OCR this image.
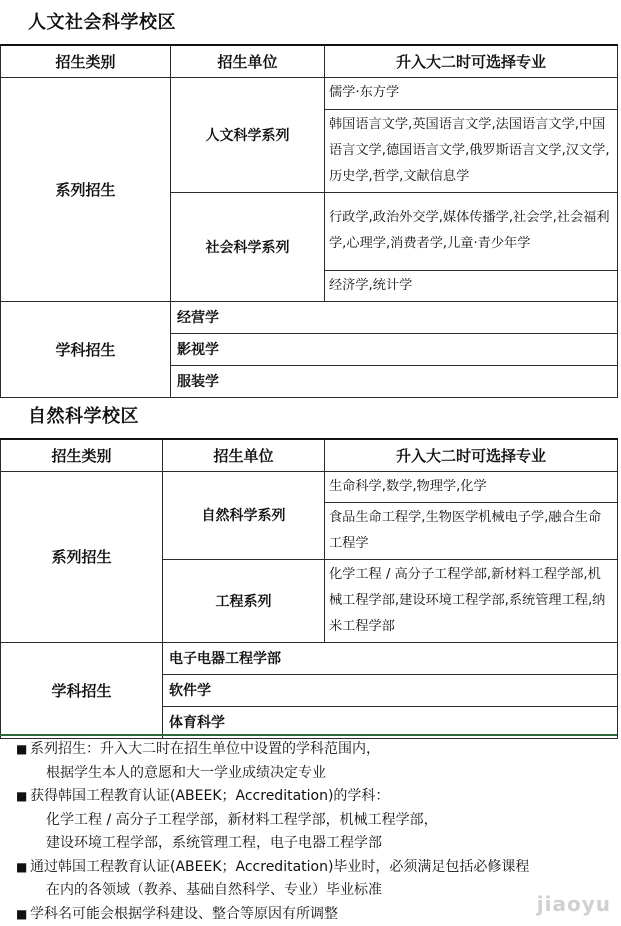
人文社会科学校区
招生类别	招生单位	升入大二时可选择专业
系列招生	人文科学系列	儒学·东方学
		韩国语言文学,英国语言文学,法国语言文学,中国语言文学,德国语言文学,俄罗斯语言文学,汉文学,历史学,哲学,文献信息学
	社会科学系列	行政学,政治外交学,媒体传播学,社会学,社会福利学,心理学,消费者学,儿童·青少年学
		经济学,统计学
学科招生	经营学	
	影视学	
	服装学	
自然科学校区
招生类别	招生单位	升入大二时可选择专业
系列招生	自然科学系列	生命科学,数学,物理学,化学
		食品生命工程学,生物医学机械电子学,融合生命工程学
	工程系列	化学工程 / 高分子工程学部,新材料工程学部,机械工程学部,建设环境工程学部,系统管理工程,纳米工程学部
学科招生	电子电器工程学部	
	软件学	
	体育科学	
■ 系列招生：升入大二时在招生单位中设置的学科范围内，
根据学生本人的意愿和大一学业成绩决定专业
■ 获得韩国工程教育认证(ABEEK；Accreditation)的学科：
化学工程 / 高分子工程学部，新材料工程学部，机械工程学部，
建设环境工程学部，系统管理工程，电子电器工程学部
■ 通过韩国工程教育认证(ABEEK；Accreditation)毕业时，必须满足包括必修课程
在内的各领域（教养、基础自然科学、专业）毕业标准
■ 学科名可能会根据学科建设、整合等原因有所调整	jiaoyu
